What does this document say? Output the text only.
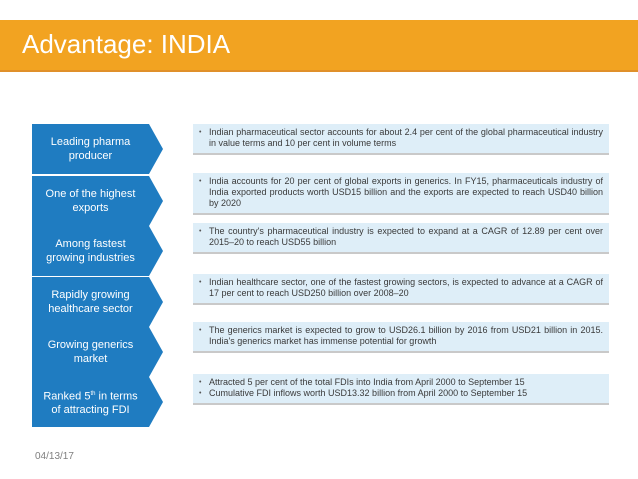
Advantage: INDIA
Leading pharma producer
• Indian pharmaceutical sector accounts for about 2.4 per cent of the global pharmaceutical industry in value terms and 10 per cent in volume terms
One of the highest exports
• India accounts for 20 per cent of global exports in generics. In FY15, pharmaceuticals industry of India exported products worth USD15 billion and the exports are expected to reach USD40 billion by 2020
Among fastest growing industries
• The country's pharmaceutical industry is expected to expand at a CAGR of 12.89 per cent over 2015–20 to reach USD55 billion
Rapidly growing healthcare sector
• Indian healthcare sector, one of the fastest growing sectors, is expected to advance at a CAGR of 17 per cent to reach USD250 billion over 2008–20
Growing generics market
• The generics market is expected to grow to USD26.1 billion by 2016 from USD21 billion in 2015. India's generics market has immense potential for growth
Ranked 5th in terms of attracting FDI
• Attracted 5 per cent of the total FDIs into India from April 2000 to September 15
• Cumulative FDI inflows worth USD13.32 billion from April 2000 to September 15
04/13/17
